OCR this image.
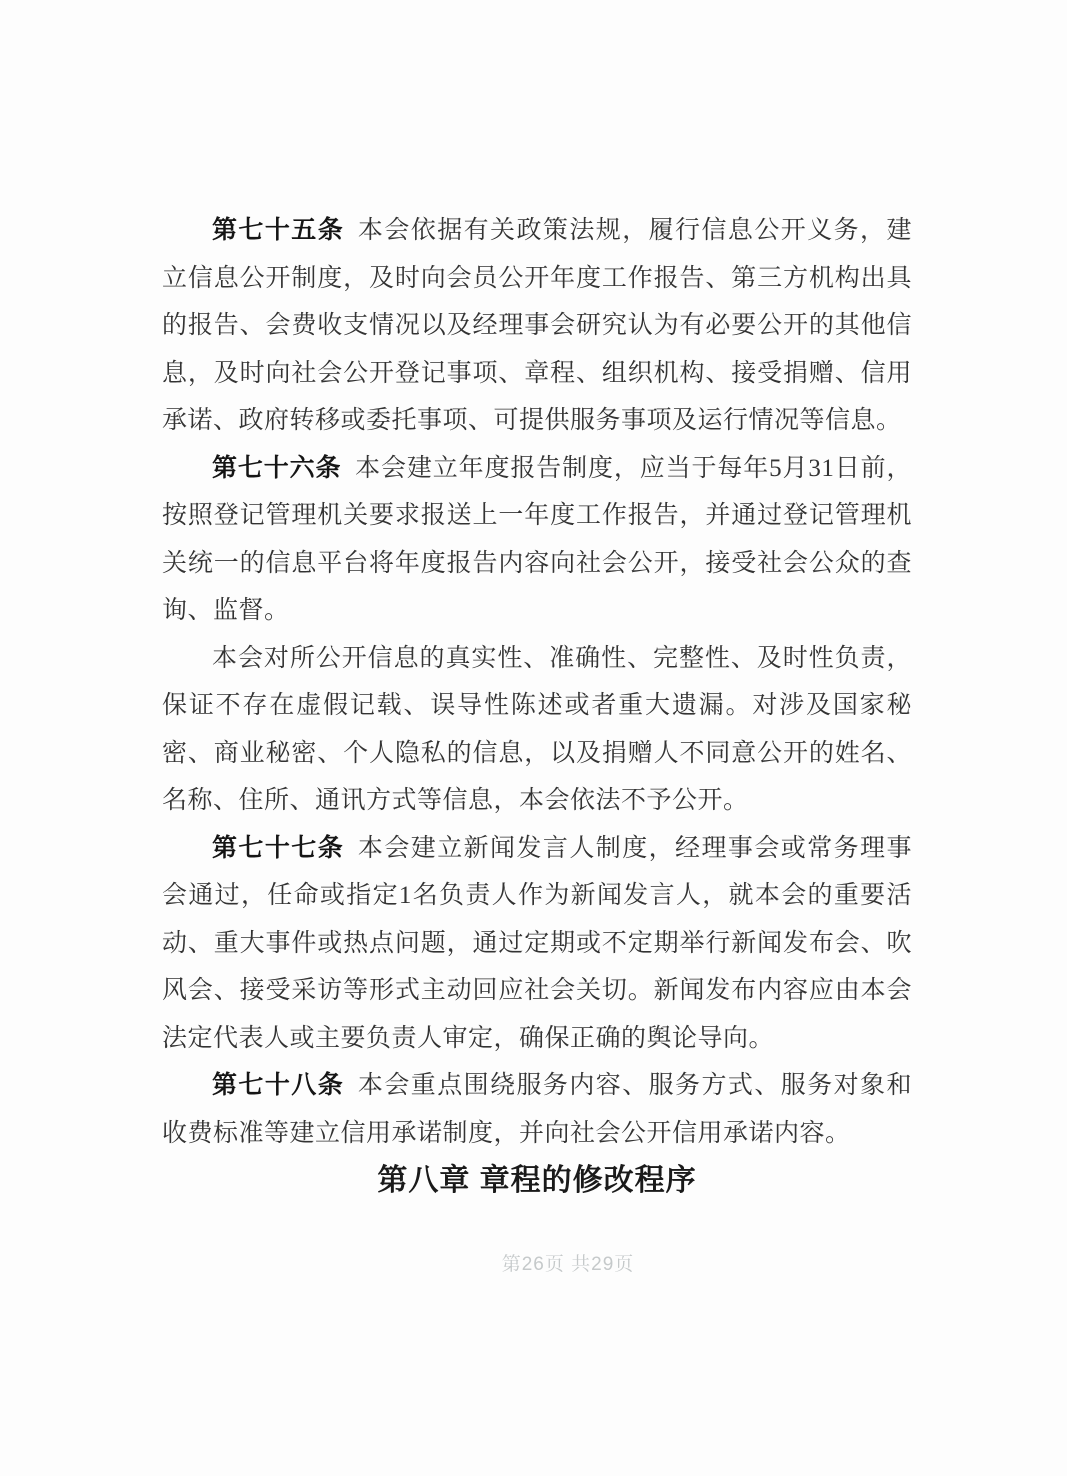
第七十五条 本会依据有关政策法规，履行信息公开义务，建立信息公开制度，及时向会员公开年度工作报告、第三方机构出具的报告、会费收支情况以及经理事会研究认为有必要公开的其他信息，及时向社会公开登记事项、章程、组织机构、接受捐赠、信用承诺、政府转移或委托事项、可提供服务事项及运行情况等信息。

第七十六条 本会建立年度报告制度，应当于每年5月31日前，按照登记管理机关要求报送上一年度工作报告，并通过登记管理机关统一的信息平台将年度报告内容向社会公开，接受社会公众的查询、监督。

本会对所公开信息的真实性、准确性、完整性、及时性负责，保证不存在虚假记载、误导性陈述或者重大遗漏。对涉及国家秘密、商业秘密、个人隐私的信息，以及捐赠人不同意公开的姓名、名称、住所、通讯方式等信息，本会依法不予公开。

第七十七条 本会建立新闻发言人制度，经理事会或常务理事会通过，任命或指定1名负责人作为新闻发言人，就本会的重要活动、重大事件或热点问题，通过定期或不定期举行新闻发布会、吹风会、接受采访等形式主动回应社会关切。新闻发布内容应由本会法定代表人或主要负责人审定，确保正确的舆论导向。

第七十八条 本会重点围绕服务内容、服务方式、服务对象和收费标准等建立信用承诺制度，并向社会公开信用承诺内容。

第八章 章程的修改程序
第26页 共29页
